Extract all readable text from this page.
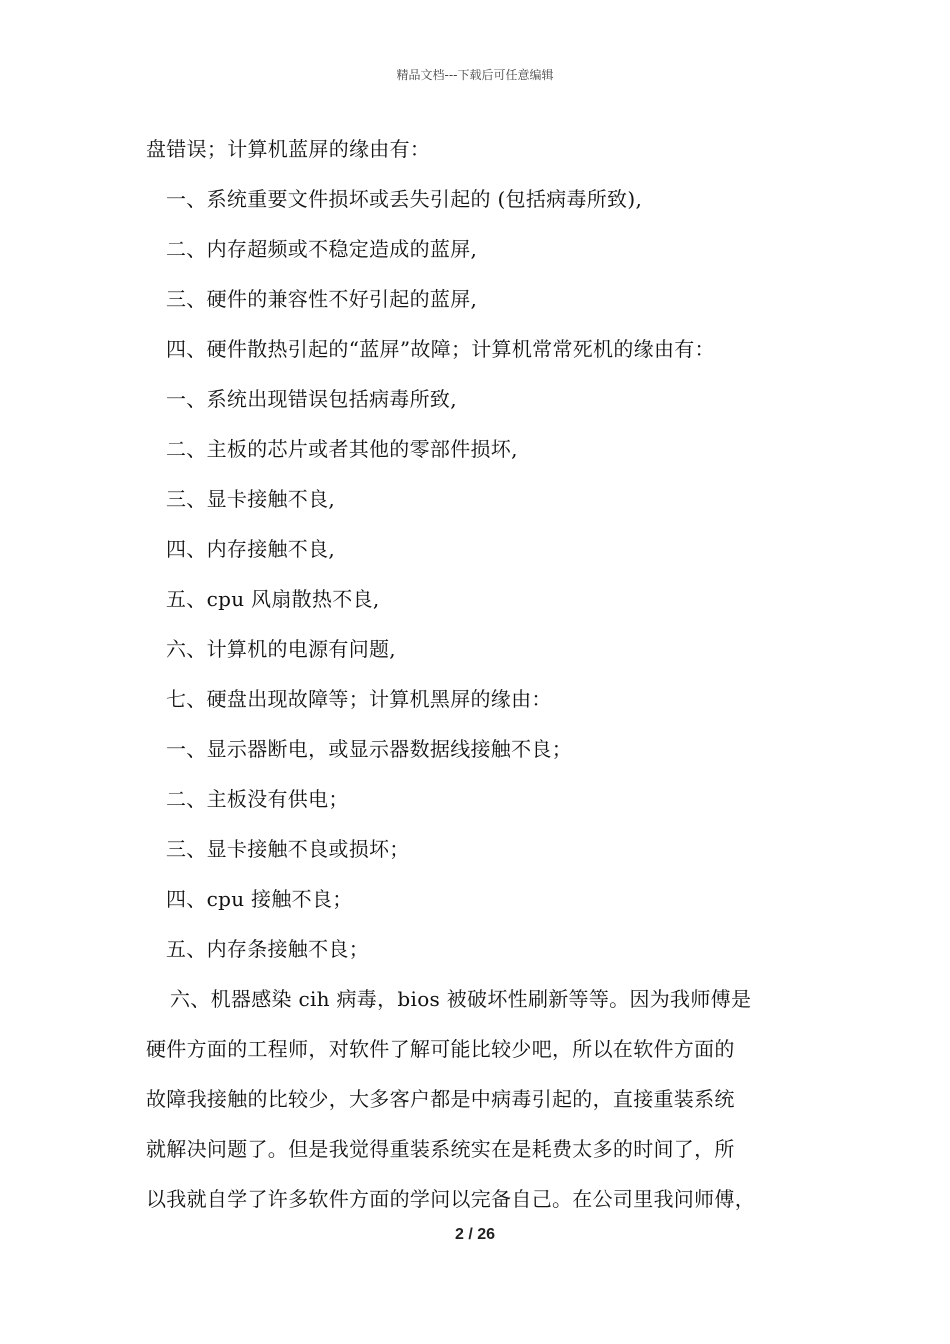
精品文档---下载后可任意编辑
盘错误；计算机蓝屏的缘由有：
一、系统重要文件损坏或丢失引起的 (包括病毒所致),
二、内存超频或不稳定造成的蓝屏,
三、硬件的兼容性不好引起的蓝屏,
四、硬件散热引起的“蓝屏”故障；计算机常常死机的缘由有：
一、系统出现错误包括病毒所致,
二、主板的芯片或者其他的零部件损坏,
三、显卡接触不良,
四、内存接触不良,
五、cpu 风扇散热不良,
六、计算机的电源有问题,
七、硬盘出现故障等；计算机黑屏的缘由：
一、显示器断电，或显示器数据线接触不良；
二、主板没有供电；
三、显卡接触不良或损坏；
四、cpu 接触不良；
五、内存条接触不良；
六、机器感染 cih 病毒，bios 被破坏性刷新等等。因为我师傅是
硬件方面的工程师，对软件了解可能比较少吧，所以在软件方面的
故障我接触的比较少，大多客户都是中病毒引起的，直接重装系统
就解决问题了。但是我觉得重装系统实在是耗费太多的时间了，所
以我就自学了许多软件方面的学问以完备自己。在公司里我问师傅，
2 / 26
